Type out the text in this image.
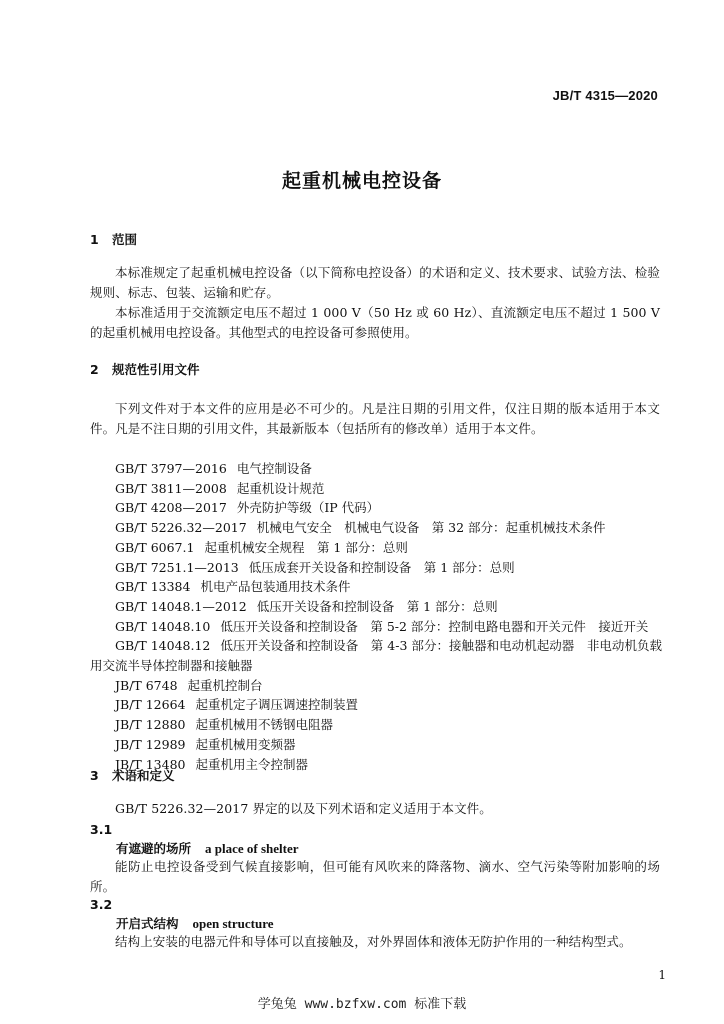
JB/T 4315—2020
起重机械电控设备
1 范围
本标准规定了起重机械电控设备（以下简称电控设备）的术语和定义、技术要求、试验方法、检验规则、标志、包装、运输和贮存。
本标准适用于交流额定电压不超过 1 000 V（50 Hz 或 60 Hz）、直流额定电压不超过 1 500 V 的起重机械用电控设备。其他型式的电控设备可参照使用。
2 规范性引用文件
下列文件对于本文件的应用是必不可少的。凡是注日期的引用文件，仅注日期的版本适用于本文件。凡是不注日期的引用文件，其最新版本（包括所有的修改单）适用于本文件。
GB/T 3797—2016 电气控制设备
GB/T 3811—2008 起重机设计规范
GB/T 4208—2017 外壳防护等级（IP 代码）
GB/T 5226.32—2017 机械电气安全　机械电气设备　第 32 部分：起重机械技术条件
GB/T 6067.1 起重机械安全规程　第 1 部分：总则
GB/T 7251.1—2013 低压成套开关设备和控制设备　第 1 部分：总则
GB/T 13384 机电产品包装通用技术条件
GB/T 14048.1—2012 低压开关设备和控制设备　第 1 部分：总则
GB/T 14048.10 低压开关设备和控制设备　第 5-2 部分：控制电路电器和开关元件　接近开关
GB/T 14048.12 低压开关设备和控制设备　第 4-3 部分：接触器和电动机起动器　非电动机负载用交流半导体控制器和接触器
JB/T 6748 起重机控制台
JB/T 12664 起重机定子调压调速控制装置
JB/T 12880 起重机械用不锈钢电阻器
JB/T 12989 起重机械用变频器
JB/T 13480 起重机用主令控制器
3 术语和定义
GB/T 5226.32—2017 界定的以及下列术语和定义适用于本文件。
3.1
有遮避的场所 a place of shelter
能防止电控设备受到气候直接影响，但可能有风吹来的降落物、滴水、空气污染等附加影响的场所。
3.2
开启式结构 open structure
结构上安装的电器元件和导体可以直接触及，对外界固体和液体无防护作用的一种结构型式。
1
学兔兔 www.bzfxw.com 标准下载
